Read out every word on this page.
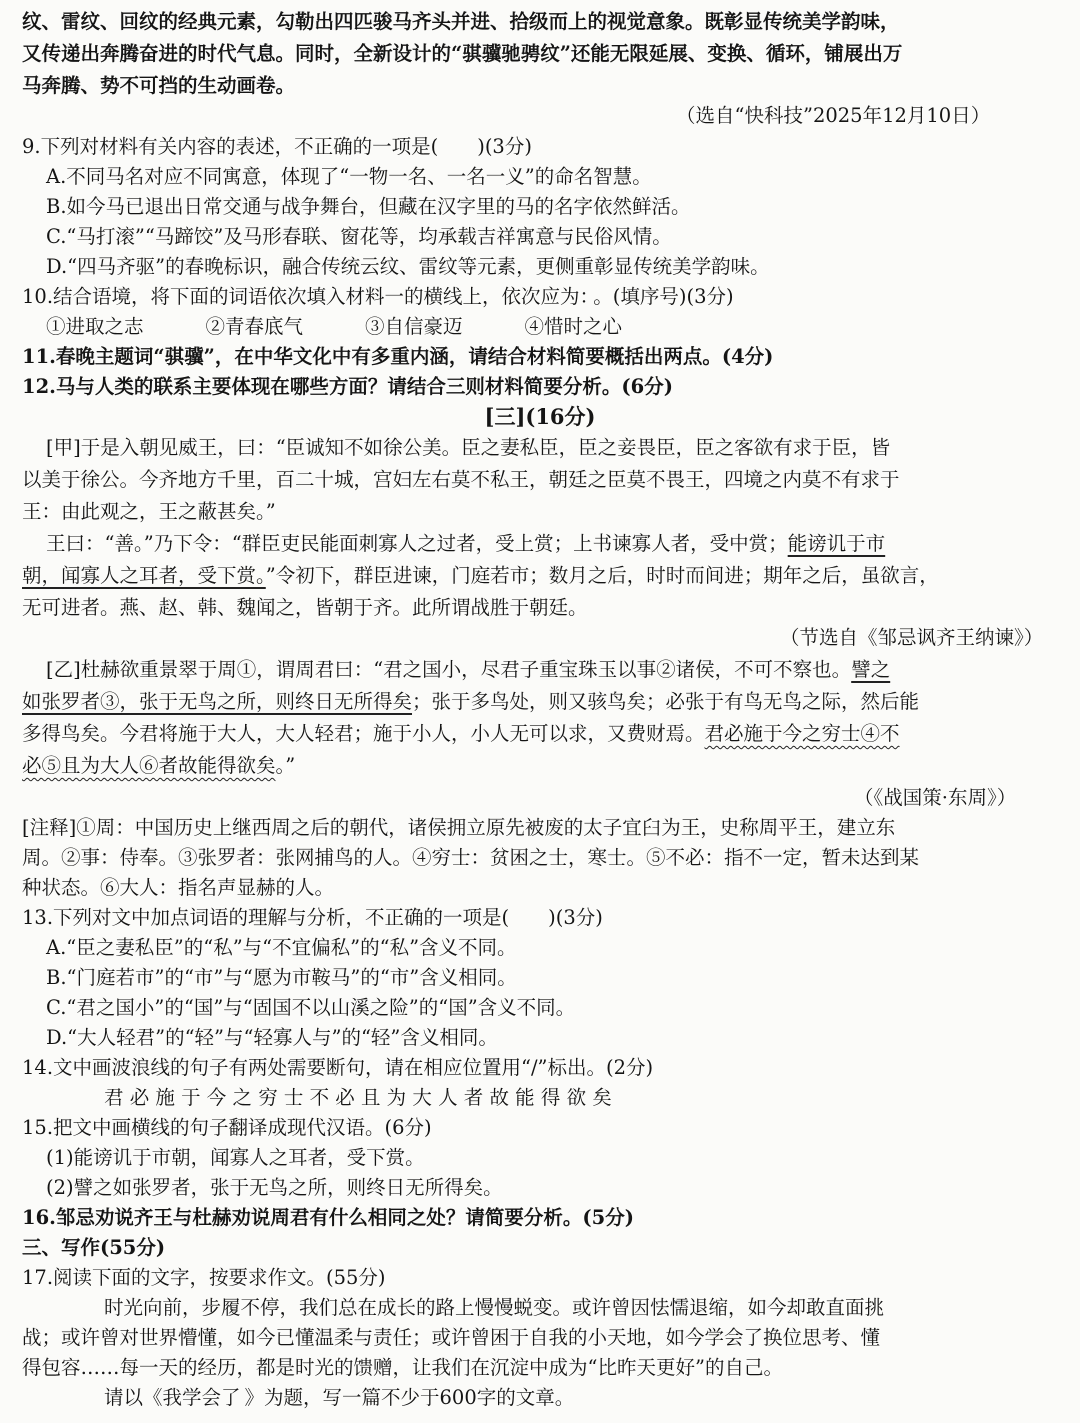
纹、雷纹、回纹的经典元素，勾勒出四匹骏马齐头并进、拾级而上的视觉意象。既彰显传统美学韵味，
又传递出奔腾奋进的时代气息。同时，全新设计的“骐骥驰骋纹”还能无限延展、变换、循环，铺展出万
马奔腾、势不可挡的生动画卷。
（选自“快科技”2025年12月10日）
9.下列对材料有关内容的表述，不正确的一项是(　　)(3分)
A.不同马名对应不同寓意，体现了“一物一名、一名一义”的命名智慧。
B.如今马已退出日常交通与战争舞台，但藏在汉字里的马的名字依然鲜活。
C.“马打滚”“马蹄饺”及马形春联、窗花等，均承载吉祥寓意与民俗风情。
D.“四马齐驱”的春晚标识，融合传统云纹、雷纹等元素，更侧重彰显传统美学韵味。
10.结合语境，将下面的词语依次填入材料一的横线上，依次应为： 。(填序号)(3分)
①进取之志	②青春底气	③自信豪迈	④惜时之心
11.春晚主题词“骐骥”，在中华文化中有多重内涵，请结合材料简要概括出两点。(4分)
12.马与人类的联系主要体现在哪些方面？请结合三则材料简要分析。(6分)
[三](16分)
[甲]于是入朝见威王，曰：“臣诚知不如徐公美。臣之妻私臣，臣之妾畏臣，臣之客欲有求于臣，皆
以美于徐公。今齐地方千里，百二十城，宫妇左右莫不私王，朝廷之臣莫不畏王，四境之内莫不有求于
王：由此观之，王之蔽甚矣。”
王曰：“善。”乃下令：“群臣吏民能面刺寡人之过者，受上赏；上书谏寡人者，受中赏；能谤讥于市
朝，闻寡人之耳者，受下赏。”令初下，群臣进谏，门庭若市；数月之后，时时而间进；期年之后，虽欲言，
无可进者。燕、赵、韩、魏闻之，皆朝于齐。此所谓战胜于朝廷。
（节选自《邹忌讽齐王纳谏》）
[乙]杜赫欲重景翠于周①，谓周君曰：“君之国小，尽君子重宝珠玉以事②诸侯，不可不察也。譬之
如张罗者③，张于无鸟之所，则终日无所得矣；张于多鸟处，则又骇鸟矣；必张于有鸟无鸟之际，然后能
多得鸟矣。今君将施于大人，大人轻君；施于小人，小人无可以求，又费财焉。君必施于今之穷士④不
必⑤且为大人⑥者故能得欲矣。”
（《战国策·东周》）
[注释]①周：中国历史上继西周之后的朝代，诸侯拥立原先被废的太子宜臼为王，史称周平王，建立东
周。②事：侍奉。③张罗者：张网捕鸟的人。④穷士：贫困之士，寒士。⑤不必：指不一定，暂未达到某
种状态。⑥大人：指名声显赫的人。
13.下列对文中加点词语的理解与分析，不正确的一项是(　　)(3分)
A.“臣之妻私臣”的“私”与“不宜偏私”的“私”含义不同。
B.“门庭若市”的“市”与“愿为市鞍马”的“市”含义相同。
C.“君之国小”的“国”与“固国不以山溪之险”的“国”含义不同。
D.“大人轻君”的“轻”与“轻寡人与”的“轻”含义相同。
14.文中画波浪线的句子有两处需要断句，请在相应位置用“/”标出。(2分)
君 必 施 于 今 之 穷 士 不 必 且 为 大 人 者 故 能 得 欲 矣
15.把文中画横线的句子翻译成现代汉语。(6分)
(1)能谤讥于市朝，闻寡人之耳者，受下赏。
(2)譬之如张罗者，张于无鸟之所，则终日无所得矣。
16.邹忌劝说齐王与杜赫劝说周君有什么相同之处？请简要分析。(5分)
三、写作(55分)
17.阅读下面的文字，按要求作文。(55分)
时光向前，步履不停，我们总在成长的路上慢慢蜕变。或许曾因怯懦退缩，如今却敢直面挑
战；或许曾对世界懵懂，如今已懂温柔与责任；或许曾困于自我的小天地，如今学会了换位思考、懂
得包容……每一天的经历，都是时光的馈赠，让我们在沉淀中成为“比昨天更好”的自己。
请以《我学会了 》为题，写一篇不少于600字的文章。
